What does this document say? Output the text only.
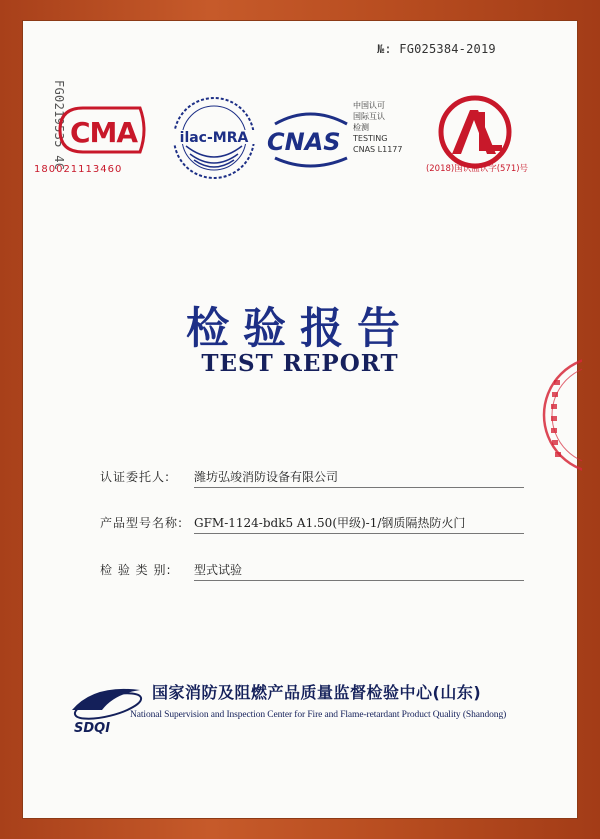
№: FG025384-2019
FG0219535 4C CMA
180021113460
ilac-MRA CNAS
中国认可
国际互认
检测
TESTING
CNAS L1177
(2018)国认监认字(571)号
检验报告
TEST REPORT
认证委托人:	潍坊弘竣消防设备有限公司
产品型号名称: GFM-1124-bdk5 A1.50(甲级)-1/钢质隔热防火门
检 验 类 别:	型式试验
SDQI
国家消防及阻燃产品质量监督检验中心(山东)
National Supervision and Inspection Center for Fire and Flame-retardant Product Quality (Shandong)
